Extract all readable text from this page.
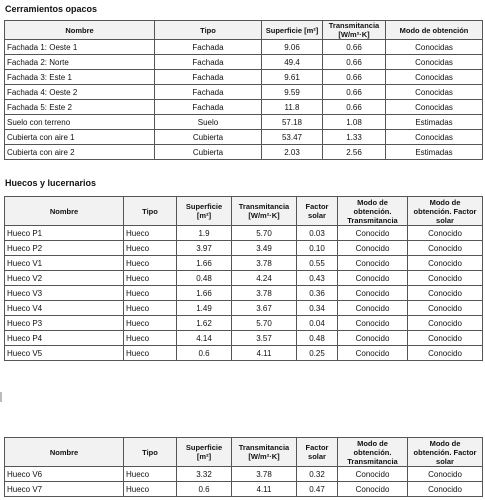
Cerramientos opacos
Nombre	Tipo	Superficie [m²]	Transmitancia [W/m²·K]	Modo de obtención
Fachada 1: Oeste 1	Fachada	9.06	0.66	Conocidas
Fachada 2: Norte	Fachada	49.4	0.66	Conocidas
Fachada 3: Este 1	Fachada	9.61	0.66	Conocidas
Fachada 4: Oeste 2	Fachada	9.59	0.66	Conocidas
Fachada 5: Este 2	Fachada	11.8	0.66	Conocidas
Suelo con terreno	Suelo	57.18	1.08	Estimadas
Cubierta con aire 1	Cubierta	53.47	1.33	Conocidas
Cubierta con aire 2	Cubierta	2.03	2.56	Estimadas
Huecos y lucernarios
Nombre	Tipo	Superficie [m²]	Transmitancia [W/m²·K]	Factor solar	Modo de obtención. Transmitancia	Modo de obtención. Factor solar
Hueco P1	Hueco	1.9	5.70	0.03	Conocido	Conocido
Hueco P2	Hueco	3.97	3.49	0.10	Conocido	Conocido
Hueco V1	Hueco	1.66	3.78	0.55	Conocido	Conocido
Hueco V2	Hueco	0.48	4.24	0.43	Conocido	Conocido
Hueco V3	Hueco	1.66	3.78	0.36	Conocido	Conocido
Hueco V4	Hueco	1.49	3.67	0.34	Conocido	Conocido
Hueco P3	Hueco	1.62	5.70	0.04	Conocido	Conocido
Hueco P4	Hueco	4.14	3.57	0.48	Conocido	Conocido
Hueco V5	Hueco	0.6	4.11	0.25	Conocido	Conocido
Nombre	Tipo	Superficie [m²]	Transmitancia [W/m²·K]	Factor solar	Modo de obtención. Transmitancia	Modo de obtención. Factor solar
Hueco V6	Hueco	3.32	3.78	0.32	Conocido	Conocido
Hueco V7	Hueco	0.6	4.11	0.47	Conocido	Conocido
